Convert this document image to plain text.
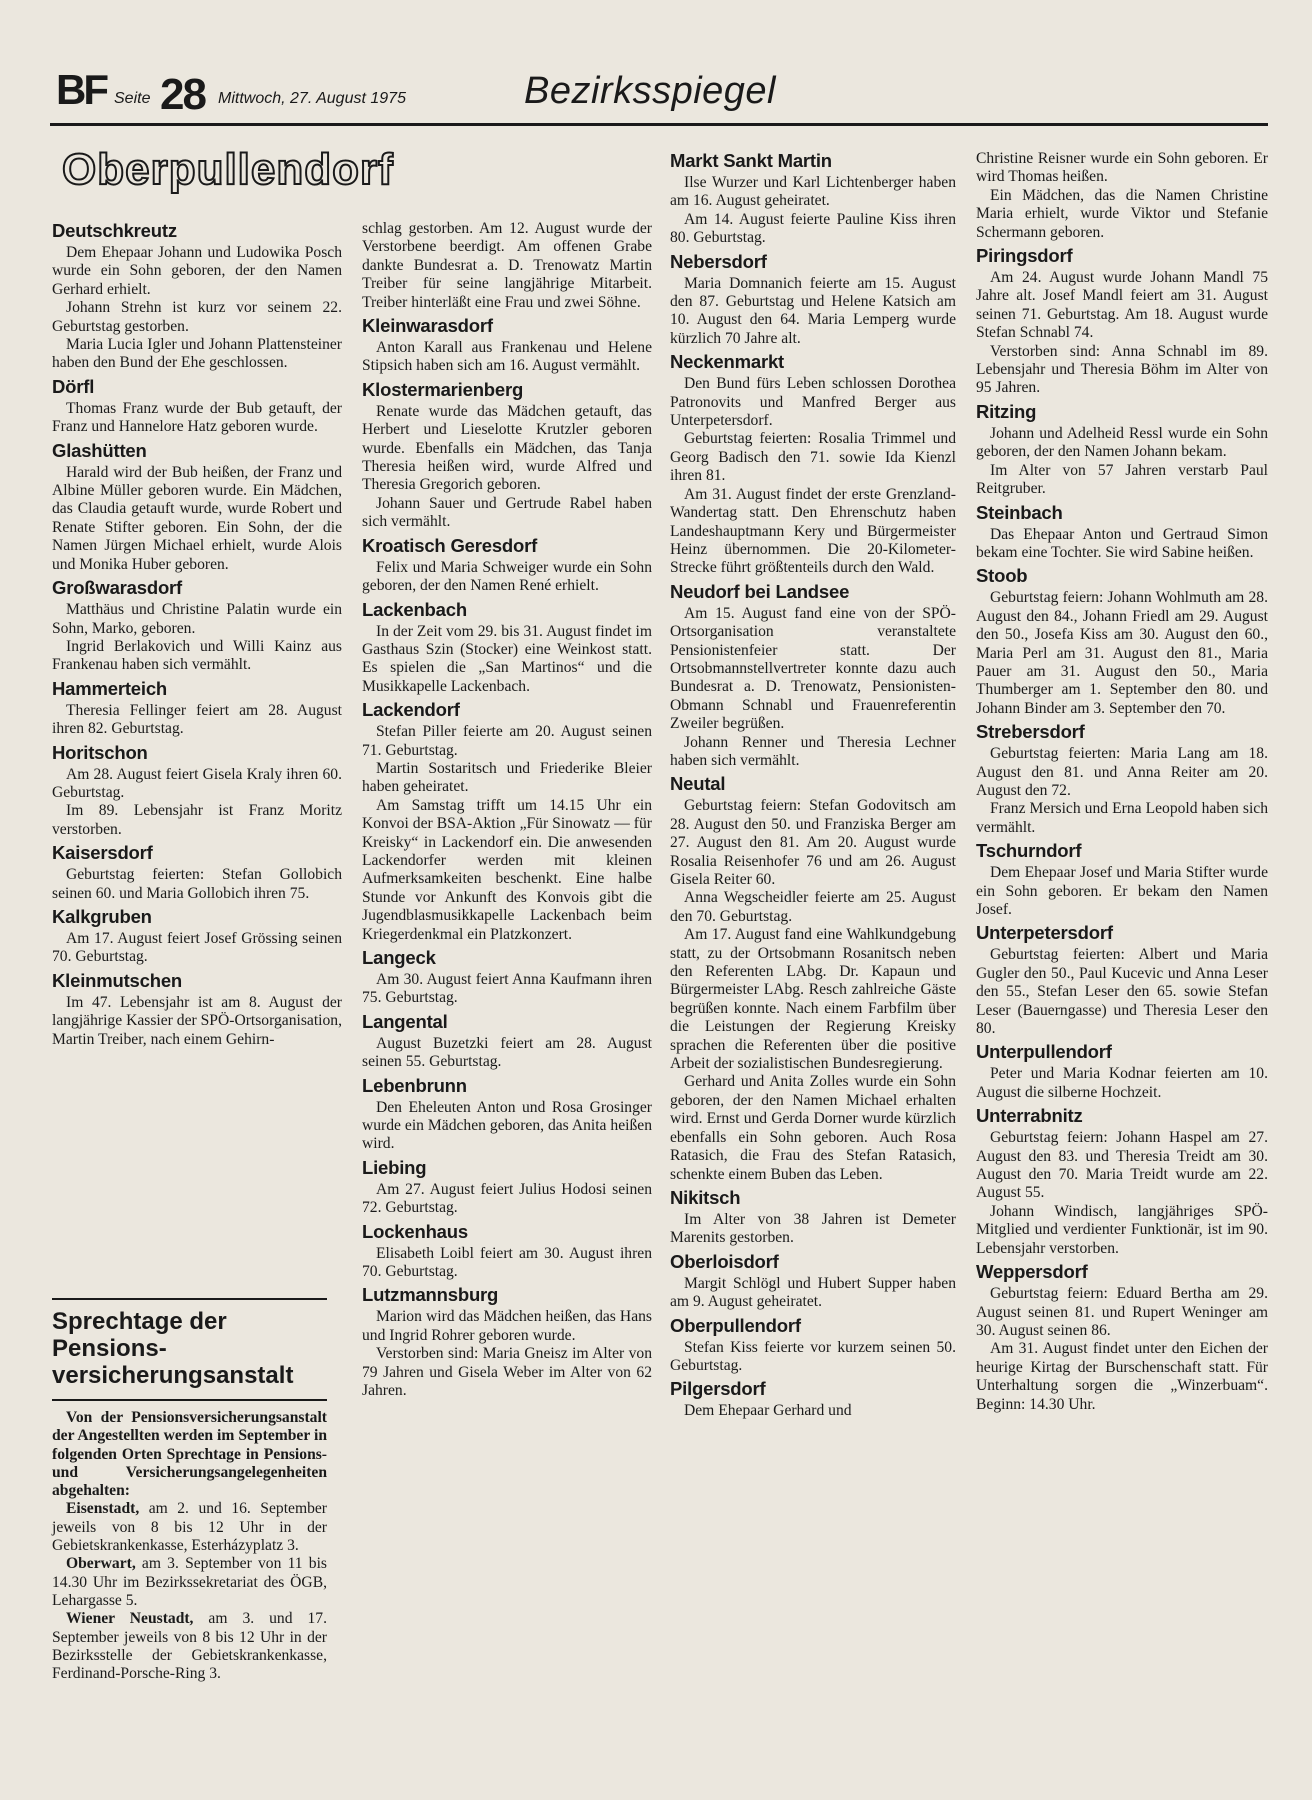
BF Seite 28 Mittwoch, 27. August 1975	Bezirksspiegel
Oberpullendorf
Deutschkreutz

Dem Ehepaar Johann und Ludowika Posch wurde ein Sohn geboren, der den Namen Gerhard erhielt.

Johann Strehn ist kurz vor seinem 22. Geburtstag gestorben.

Maria Lucia Igler und Johann Plattensteiner haben den Bund der Ehe geschlossen.

Dörfl

Thomas Franz wurde der Bub getauft, der Franz und Hannelore Hatz geboren wurde.

Glashütten

Harald wird der Bub heißen, der Franz und Albine Müller geboren wurde. Ein Mädchen, das Claudia getauft wurde, wurde Robert und Renate Stifter geboren. Ein Sohn, der die Namen Jürgen Michael erhielt, wurde Alois und Monika Huber geboren.

Großwarasdorf

Matthäus und Christine Palatin wurde ein Sohn, Marko, geboren.

Ingrid Berlakovich und Willi Kainz aus Frankenau haben sich vermählt.

Hammerteich

Theresia Fellinger feiert am 28. August ihren 82. Geburtstag.

Horitschon

Am 28. August feiert Gisela Kraly ihren 60. Geburtstag.

Im 89. Lebensjahr ist Franz Moritz verstorben.

Kaisersdorf

Geburtstag feierten: Stefan Gollobich seinen 60. und Maria Gollobich ihren 75.

Kalkgruben

Am 17. August feiert Josef Grössing seinen 70. Geburtstag.

Kleinmutschen

Im 47. Lebensjahr ist am 8. August der langjährige Kassier der SPÖ-Ortsorganisation, Martin Treiber, nach einem Gehirn-

schlag gestorben. Am 12. August wurde der Verstorbene beerdigt. Am offenen Grabe dankte Bundesrat a. D. Trenowatz Martin Treiber für seine langjährige Mitarbeit. Treiber hinterläßt eine Frau und zwei Söhne.

Kleinwarasdorf

Anton Karall aus Frankenau und Helene Stipsich haben sich am 16. August vermählt.

Klostermarienberg

Renate wurde das Mädchen getauft, das Herbert und Lieselotte Krutzler geboren wurde. Ebenfalls ein Mädchen, das Tanja Theresia heißen wird, wurde Alfred und Theresia Gregorich geboren.

Johann Sauer und Gertrude Rabel haben sich vermählt.

Kroatisch Geresdorf

Felix und Maria Schweiger wurde ein Sohn geboren, der den Namen René erhielt.

Lackenbach

In der Zeit vom 29. bis 31. August findet im Gasthaus Szin (Stocker) eine Weinkost statt. Es spielen die „San Martinos“ und die Musikkapelle Lackenbach.

Lackendorf

Stefan Piller feierte am 20. August seinen 71. Geburtstag.

Martin Sostaritsch und Friederike Bleier haben geheiratet.

Am Samstag trifft um 14.15 Uhr ein Konvoi der BSA-Aktion „Für Sinowatz — für Kreisky“ in Lackendorf ein. Die anwesenden Lackendorfer werden mit kleinen Aufmerksamkeiten beschenkt. Eine halbe Stunde vor Ankunft des Konvois gibt die Jugendblasmusikkapelle Lackenbach beim Kriegerdenkmal ein Platzkonzert.

Langeck

Am 30. August feiert Anna Kaufmann ihren 75. Geburtstag.

Langental

August Buzetzki feiert am 28. August seinen 55. Geburtstag.

Lebenbrunn

Den Eheleuten Anton und Rosa Grosinger wurde ein Mädchen geboren, das Anita heißen wird.

Liebing

Am 27. August feiert Julius Hodosi seinen 72. Geburtstag.

Lockenhaus

Elisabeth Loibl feiert am 30. August ihren 70. Geburtstag.

Lutzmannsburg

Marion wird das Mädchen heißen, das Hans und Ingrid Rohrer geboren wurde.

Verstorben sind: Maria Gneisz im Alter von 79 Jahren und Gisela Weber im Alter von 62 Jahren.

Markt Sankt Martin

Ilse Wurzer und Karl Lichtenberger haben am 16. August geheiratet.

Am 14. August feierte Pauline Kiss ihren 80. Geburtstag.

Nebersdorf

Maria Domnanich feierte am 15. August den 87. Geburtstag und Helene Katsich am 10. August den 64. Maria Lemperg wurde kürzlich 70 Jahre alt.

Neckenmarkt

Den Bund fürs Leben schlossen Dorothea Patronovits und Manfred Berger aus Unterpetersdorf.

Geburtstag feierten: Rosalia Trimmel und Georg Badisch den 71. sowie Ida Kienzl ihren 81.

Am 31. August findet der erste Grenzland-Wandertag statt. Den Ehrenschutz haben Landeshauptmann Kery und Bürgermeister Heinz übernommen. Die 20-Kilometer-Strecke führt größtenteils durch den Wald.

Neudorf bei Landsee

Am 15. August fand eine von der SPÖ-Ortsorganisation veranstaltete Pensionistenfeier statt. Der Ortsobmannstellvertreter konnte dazu auch Bundesrat a. D. Trenowatz, Pensionisten-Obmann Schnabl und Frauenreferentin Zweiler begrüßen.

Johann Renner und Theresia Lechner haben sich vermählt.

Neutal

Geburtstag feiern: Stefan Godovitsch am 28. August den 50. und Franziska Berger am 27. August den 81. Am 20. August wurde Rosalia Reisenhofer 76 und am 26. August Gisela Reiter 60.

Anna Wegscheidler feierte am 25. August den 70. Geburtstag.

Am 17. August fand eine Wahlkundgebung statt, zu der Ortsobmann Rosanitsch neben den Referenten LAbg. Dr. Kapaun und Bürgermeister LAbg. Resch zahlreiche Gäste begrüßen konnte. Nach einem Farbfilm über die Leistungen der Regierung Kreisky sprachen die Referenten über die positive Arbeit der sozialistischen Bundesregierung.

Gerhard und Anita Zolles wurde ein Sohn geboren, der den Namen Michael erhalten wird. Ernst und Gerda Dorner wurde kürzlich ebenfalls ein Sohn geboren. Auch Rosa Ratasich, die Frau des Stefan Ratasich, schenkte einem Buben das Leben.

Nikitsch

Im Alter von 38 Jahren ist Demeter Marenits gestorben.

Oberloisdorf

Margit Schlögl und Hubert Supper haben am 9. August geheiratet.

Oberpullendorf

Stefan Kiss feierte vor kurzem seinen 50. Geburtstag.

Pilgersdorf

Dem Ehepaar Gerhard und

Christine Reisner wurde ein Sohn geboren. Er wird Thomas heißen.

Ein Mädchen, das die Namen Christine Maria erhielt, wurde Viktor und Stefanie Schermann geboren.

Piringsdorf

Am 24. August wurde Johann Mandl 75 Jahre alt. Josef Mandl feiert am 31. August seinen 71. Geburtstag. Am 18. August wurde Stefan Schnabl 74.

Verstorben sind: Anna Schnabl im 89. Lebensjahr und Theresia Böhm im Alter von 95 Jahren.

Ritzing

Johann und Adelheid Ressl wurde ein Sohn geboren, der den Namen Johann bekam.

Im Alter von 57 Jahren verstarb Paul Reitgruber.

Steinbach

Das Ehepaar Anton und Gertraud Simon bekam eine Tochter. Sie wird Sabine heißen.

Stoob

Geburtstag feiern: Johann Wohlmuth am 28. August den 84., Johann Friedl am 29. August den 50., Josefa Kiss am 30. August den 60., Maria Perl am 31. August den 81., Maria Pauer am 31. August den 50., Maria Thumberger am 1. September den 80. und Johann Binder am 3. September den 70.

Strebersdorf

Geburtstag feierten: Maria Lang am 18. August den 81. und Anna Reiter am 20. August den 72.

Franz Mersich und Erna Leopold haben sich vermählt.

Tschurndorf

Dem Ehepaar Josef und Maria Stifter wurde ein Sohn geboren. Er bekam den Namen Josef.

Unterpetersdorf

Geburtstag feierten: Albert und Maria Gugler den 50., Paul Kucevic und Anna Leser den 55., Stefan Leser den 65. sowie Stefan Leser (Bauerngasse) und Theresia Leser den 80.

Unterpullendorf

Peter und Maria Kodnar feierten am 10. August die silberne Hochzeit.

Unterrabnitz

Geburtstag feiern: Johann Haspel am 27. August den 83. und Theresia Treidt am 30. August den 70. Maria Treidt wurde am 22. August 55.

Johann Windisch, langjähriges SPÖ-Mitglied und verdienter Funktionär, ist im 90. Lebensjahr verstorben.

Weppersdorf

Geburtstag feiern: Eduard Bertha am 29. August seinen 81. und Rupert Weninger am 30. August seinen 86.

Am 31. August findet unter den Eichen der heurige Kirtag der Burschenschaft statt. Für Unterhaltung sorgen die „Winzerbuam“. Beginn: 14.30 Uhr.

Sprechtage der Pensions-versicherungsanstalt

Von der Pensionsversicherungsanstalt der Angestellten werden im September in folgenden Orten Sprechtage in Pensions- und Versicherungsangelegenheiten abgehalten:

Eisenstadt, am 2. und 16. September jeweils von 8 bis 12 Uhr in der Gebietskrankenkasse, Esterházyplatz 3.

Oberwart, am 3. September von 11 bis 14.30 Uhr im Bezirkssekretariat des ÖGB, Lehargasse 5.

Wiener Neustadt, am 3. und 17. September jeweils von 8 bis 12 Uhr in der Bezirksstelle der Gebietskrankenkasse, Ferdinand-Porsche-Ring 3.
